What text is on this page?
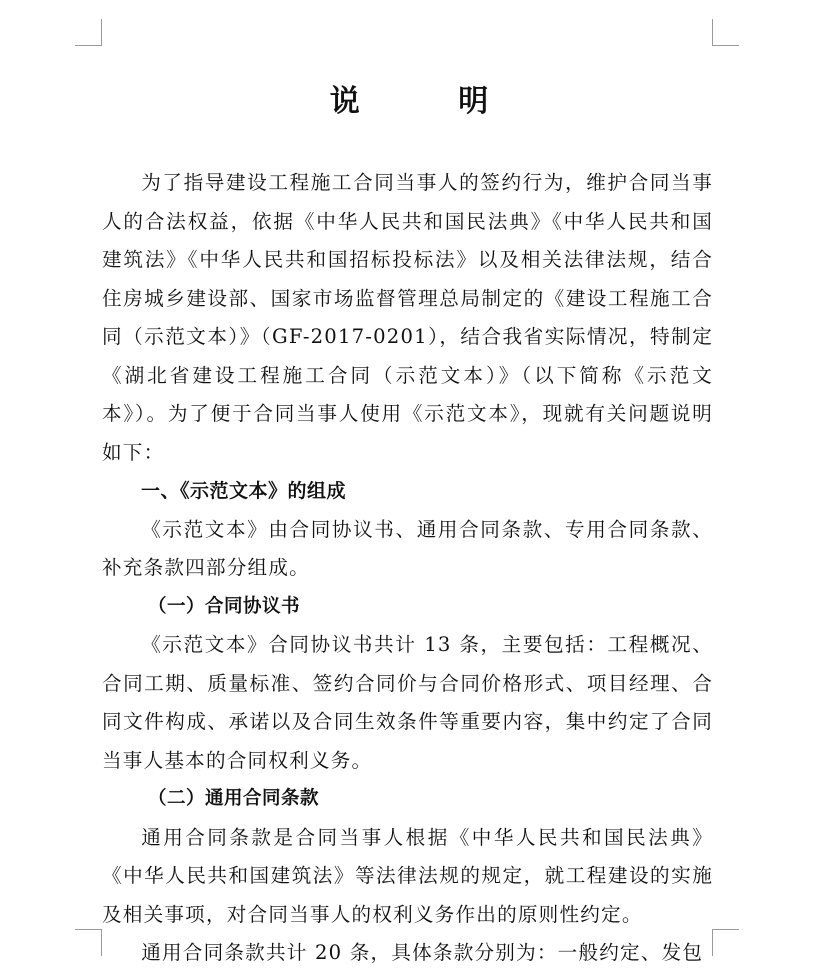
说 明

为了指导建设工程施工合同当事人的签约行为，维护合同当事人的合法权益，依据《中华人民共和国民法典》《中华人民共和国建筑法》《中华人民共和国招标投标法》以及相关法律法规，结合住房城乡建设部、国家市场监督管理总局制定的《建设工程施工合同（示范文本）》（GF-2017-0201），结合我省实际情况，特制定《湖北省建设工程施工合同（示范文本）》（以下简称《示范文本》）。为了便于合同当事人使用《示范文本》，现就有关问题说明如下：

一、《示范文本》的组成

《示范文本》由合同协议书、通用合同条款、专用合同条款、补充条款四部分组成。

（一）合同协议书

《示范文本》合同协议书共计 13 条，主要包括：工程概况、合同工期、质量标准、签约合同价与合同价格形式、项目经理、合同文件构成、承诺以及合同生效条件等重要内容，集中约定了合同当事人基本的合同权利义务。

（二）通用合同条款

通用合同条款是合同当事人根据《中华人民共和国民法典》《中华人民共和国建筑法》等法律法规的规定，就工程建设的实施及相关事项，对合同当事人的权利义务作出的原则性约定。

通用合同条款共计 20 条，具体条款分别为：一般约定、发包
